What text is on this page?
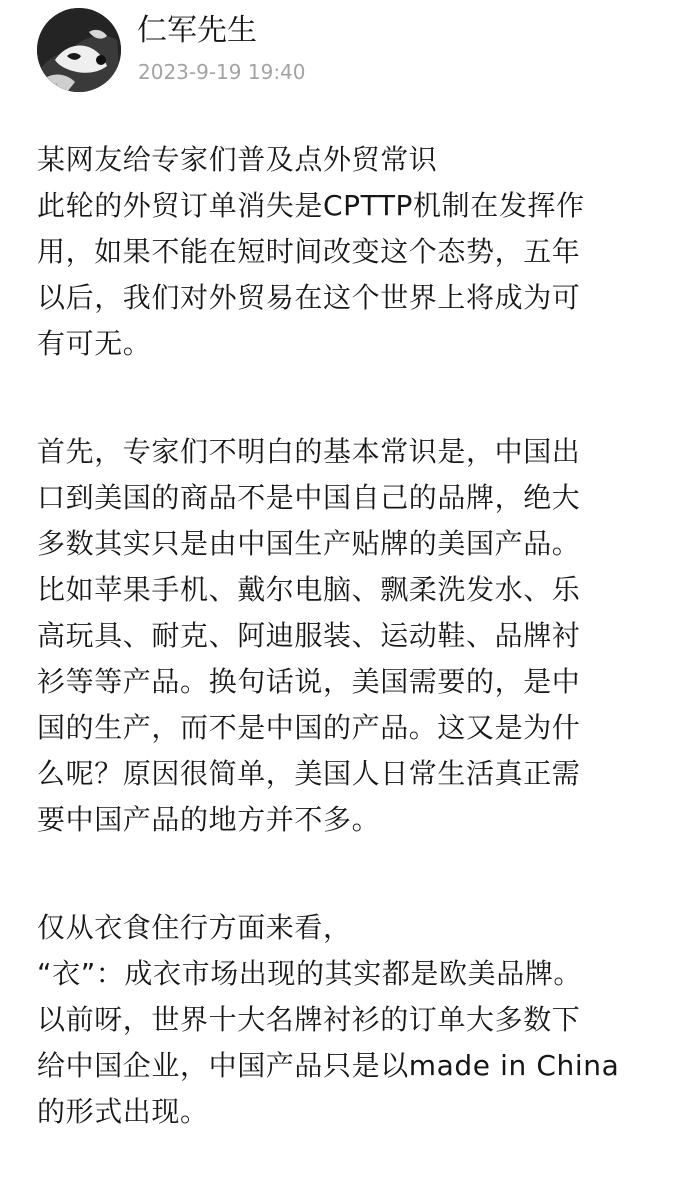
JUN
仁军先生
2023-9-19 19:40

某网友给专家们普及点外贸常识
此轮的外贸订单消失是CPTTP机制在发挥作
用，如果不能在短时间改变这个态势，五年
以后，我们对外贸易在这个世界上将成为可
有可无。

首先，专家们不明白的基本常识是，中国出
口到美国的商品不是中国自己的品牌，绝大
多数其实只是由中国生产贴牌的美国产品。
比如苹果手机、戴尔电脑、飘柔洗发水、乐
高玩具、耐克、阿迪服装、运动鞋、品牌衬
衫等等产品。换句话说，美国需要的，是中
国的生产，而不是中国的产品。这又是为什
么呢？原因很简单，美国人日常生活真正需
要中国产品的地方并不多。

仅从衣食住行方面来看，
“衣”：成衣市场出现的其实都是欧美品牌。
以前呀，世界十大名牌衬衫的订单大多数下
给中国企业，中国产品只是以made in China
的形式出现。
